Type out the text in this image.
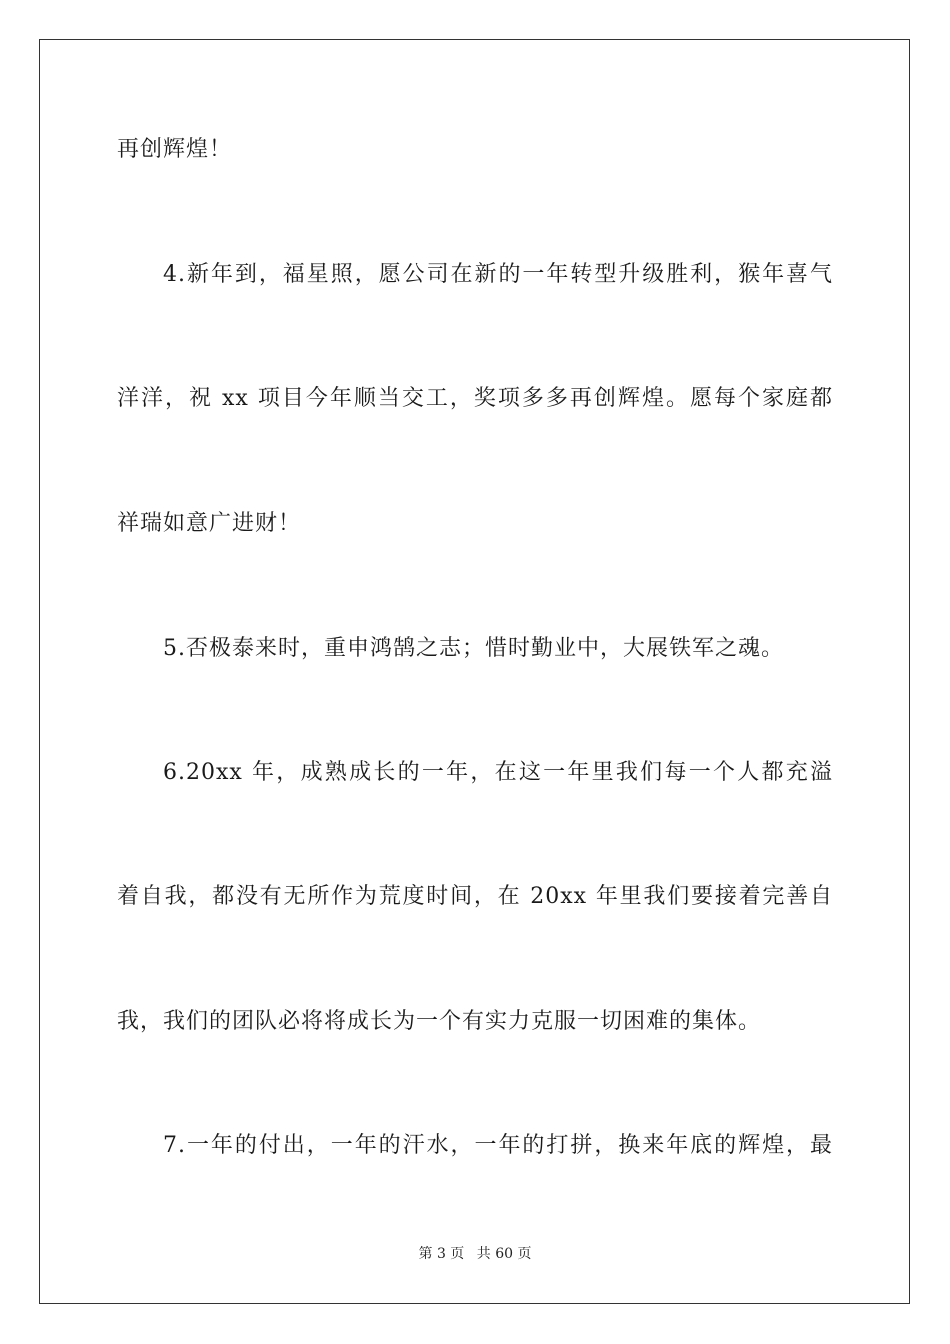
再创辉煌！
4.新年到，福星照，愿公司在新的一年转型升级胜利，猴年喜气
洋洋，祝 xx 项目今年顺当交工，奖项多多再创辉煌。愿每个家庭都
祥瑞如意广进财！
5.否极泰来时，重申鸿鹄之志；惜时勤业中，大展铁军之魂。
6.20xx 年，成熟成长的一年，在这一年里我们每一个人都充溢
着自我，都没有无所作为荒度时间，在 20xx 年里我们要接着完善自
我，我们的团队必将将成长为一个有实力克服一切困难的集体。
7.一年的付出，一年的汗水，一年的打拼，换来年底的辉煌，最
第 3 页 共 60 页
